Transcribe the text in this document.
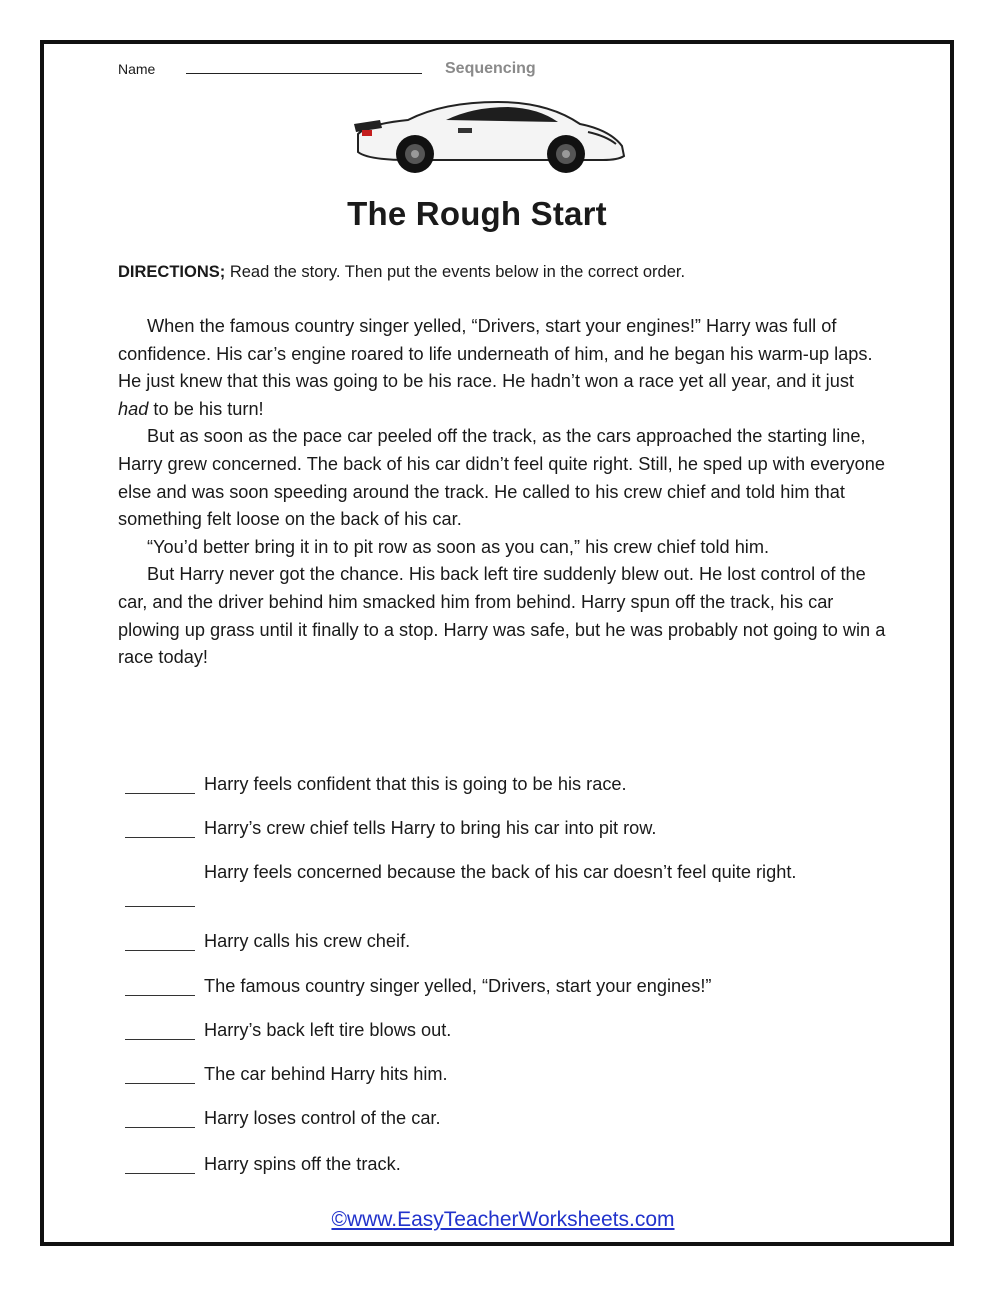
Name	Sequencing
The Rough Start
DIRECTIONS; Read the story. Then put the events below in the correct order.

When the famous country singer yelled, “Drivers, start your engines!” Harry was full of confidence. His car’s engine roared to life underneath of him, and he began his warm-up laps. He just knew that this was going to be his race. He hadn’t won a race yet all year, and it just had to be his turn!

But as soon as the pace car peeled off the track, as the cars approached the starting line, Harry grew concerned. The back of his car didn’t feel quite right. Still, he sped up with everyone else and was soon speeding around the track. He called to his crew chief and told him that something felt loose on the back of his car.

“You’d better bring it in to pit row as soon as you can,” his crew chief told him.

But Harry never got the chance. His back left tire suddenly blew out. He lost control of the car, and the driver behind him smacked him from behind. Harry spun off the track, his car plowing up grass until it finally to a stop. Harry was safe, but he was probably not going to win a race today!

Harry feels confident that this is going to be his race.
Harry’s crew chief tells Harry to bring his car into pit row.
Harry feels concerned because the back of his car doesn’t feel quite right.
Harry calls his crew cheif.
The famous country singer yelled, “Drivers, start your engines!”
Harry’s back left tire blows out.
The car behind Harry hits him.
Harry loses control of the car.
Harry spins off the track.
©www.EasyTeacherWorksheets.com
